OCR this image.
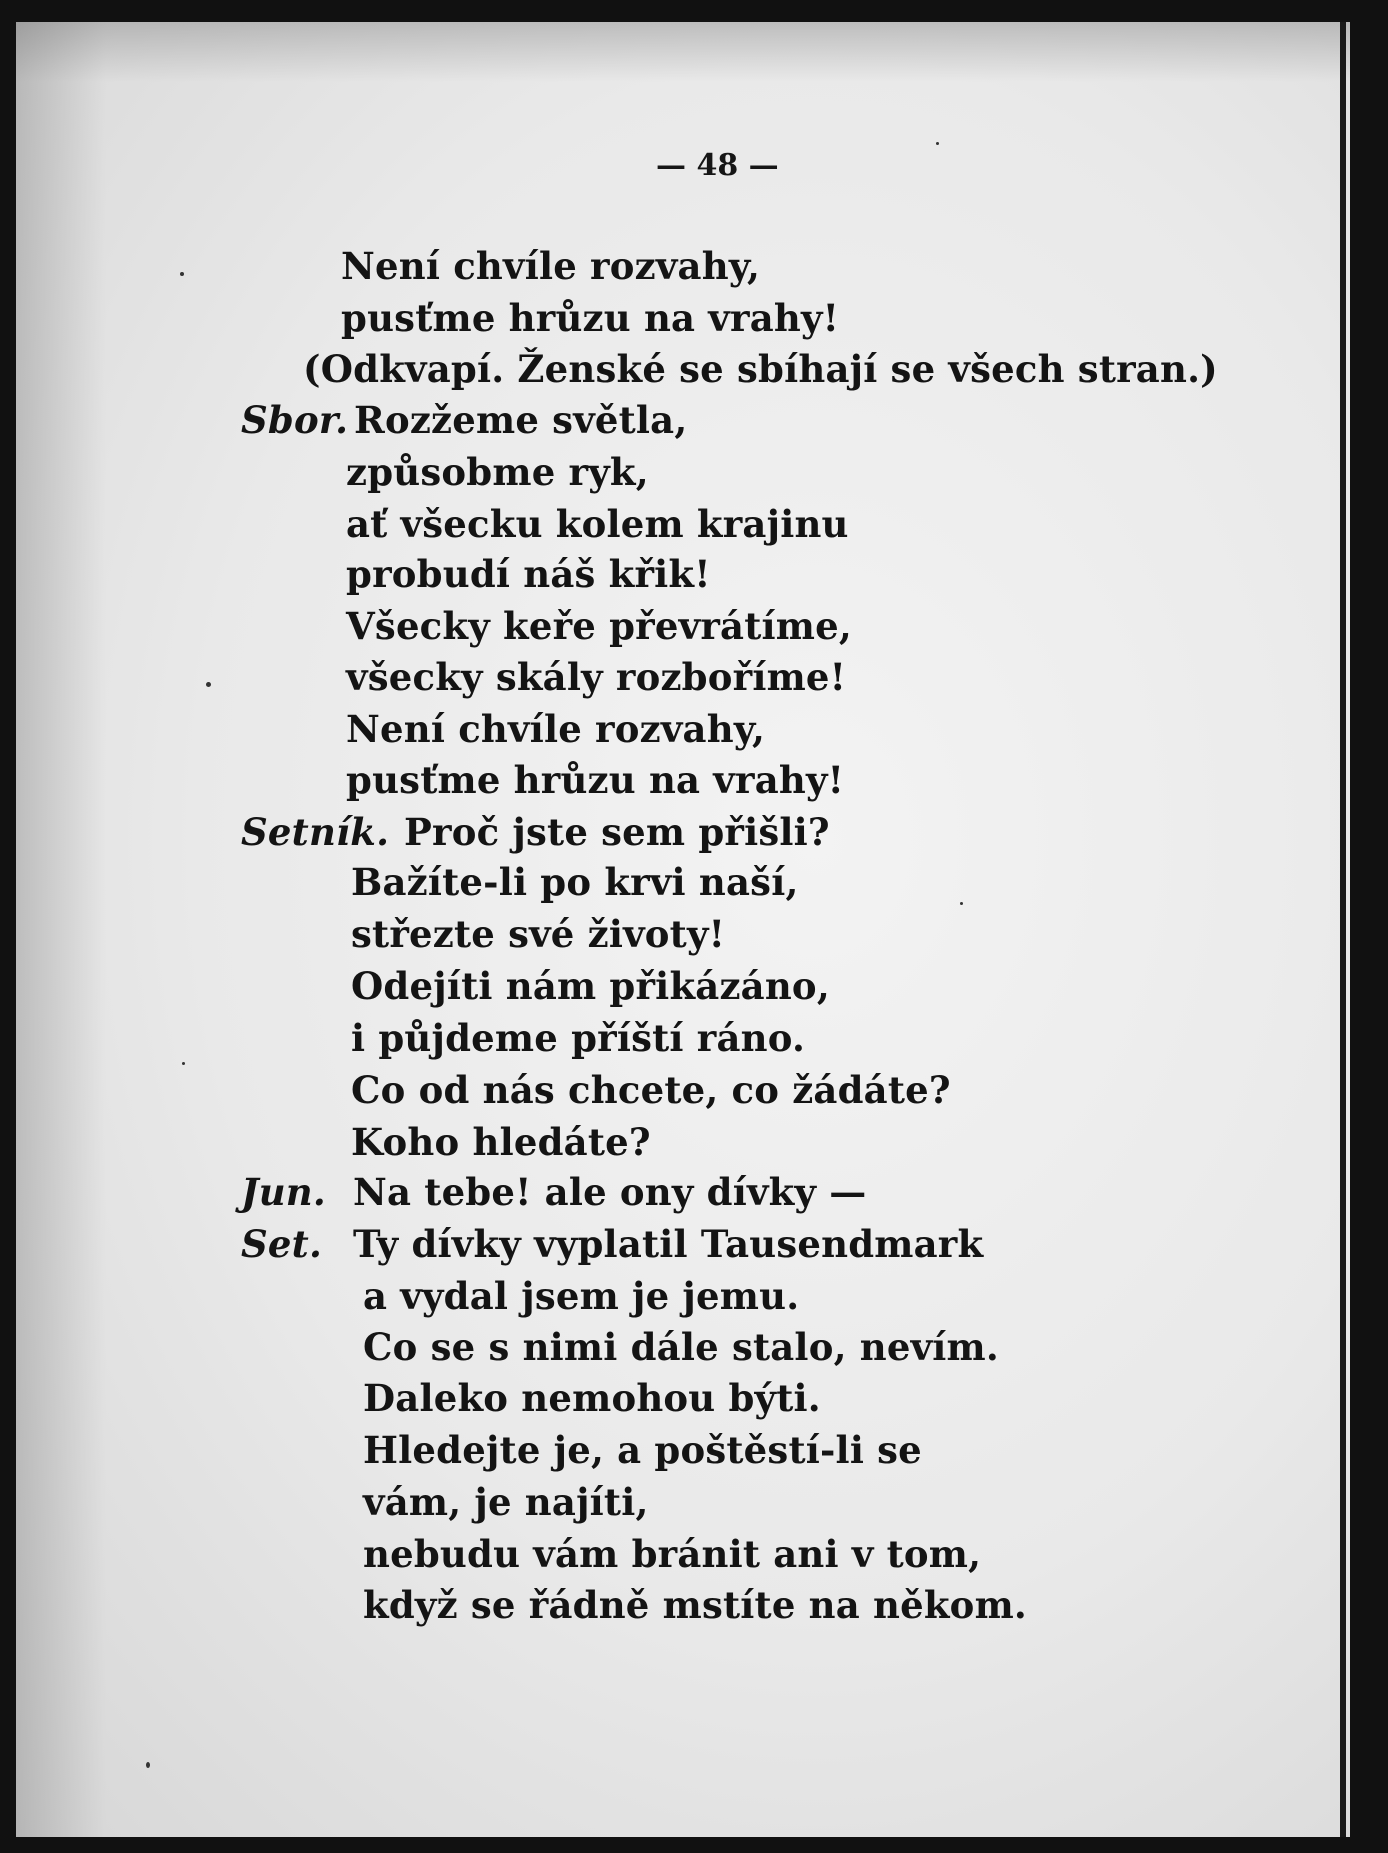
— 48 —
Není chvíle rozvahy,
pusťme hrůzu na vrahy!
(Odkvapí. Ženské se sbíhají se všech stran.)
Sbor. Rozžeme světla,
způsobme ryk,
ať všecku kolem krajinu
probudí náš křik!
Všecky keře převrátíme,
všecky skály rozboříme!
Není chvíle rozvahy,
pusťme hrůzu na vrahy!
Setník. Proč jste sem přišli?
Bažíte-li po krvi naší,
střezte své životy!
Odejíti nám přikázáno,
i půjdeme příští ráno.
Co od nás chcete, co žádáte?
Koho hledáte?
Jun. Na tebe! ale ony dívky —
Set. Ty dívky vyplatil Tausendmark
a vydal jsem je jemu.
Co se s nimi dále stalo, nevím.
Daleko nemohou býti.
Hledejte je, a poštěstí-li se
vám, je najíti,
nebudu vám bránit ani v tom,
když se řádně mstíte na někom.
